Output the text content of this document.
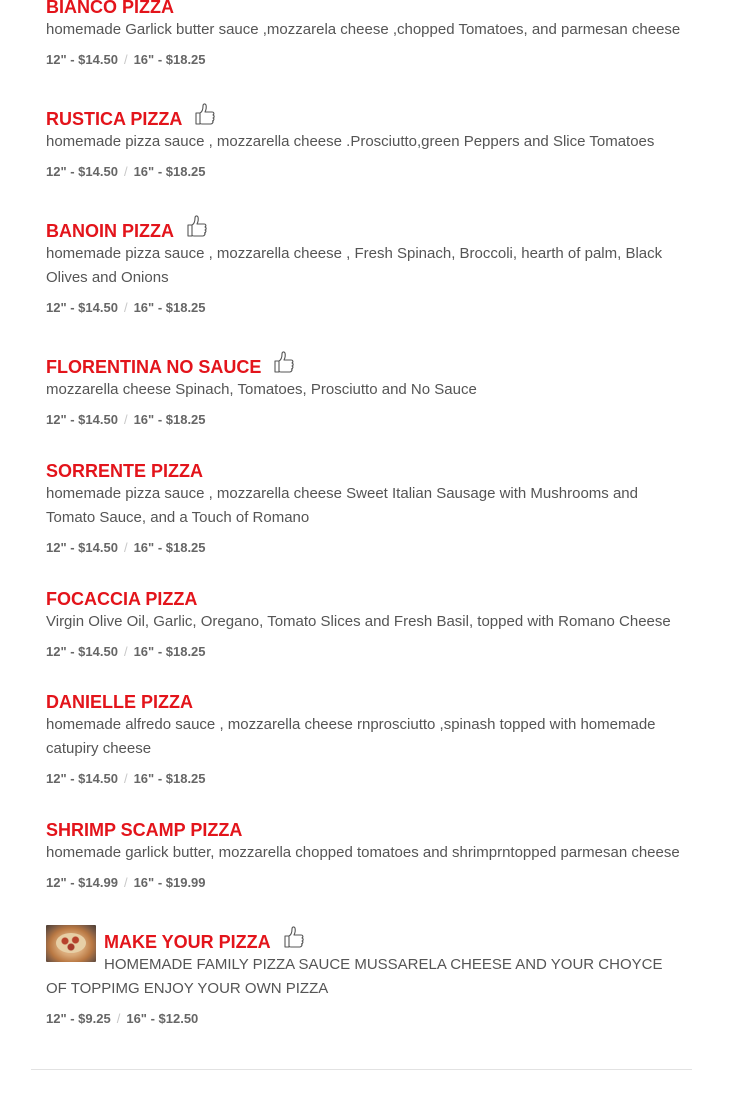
BIANCO PIZZA
homemade Garlick butter sauce ,mozzarela cheese ,chopped Tomatoes, and parmesan cheese
12" - $14.50 / 16" - $18.25
RUSTICA PIZZA
homemade pizza sauce , mozzarella cheese .Prosciutto,green Peppers and Slice Tomatoes
12" - $14.50 / 16" - $18.25
BANOIN PIZZA
homemade pizza sauce , mozzarella cheese , Fresh Spinach, Broccoli, hearth of palm, Black Olives and Onions
12" - $14.50 / 16" - $18.25
FLORENTINA NO SAUCE
mozzarella cheese Spinach, Tomatoes, Prosciutto and No Sauce
12" - $14.50 / 16" - $18.25
SORRENTE PIZZA
homemade pizza sauce , mozzarella cheese Sweet Italian Sausage with Mushrooms and Tomato Sauce, and a Touch of Romano
12" - $14.50 / 16" - $18.25
FOCACCIA PIZZA
Virgin Olive Oil, Garlic, Oregano, Tomato Slices and Fresh Basil, topped with Romano Cheese
12" - $14.50 / 16" - $18.25
DANIELLE PIZZA
homemade alfredo sauce , mozzarella cheese rnprosciutto ,spinash topped with homemade catupiry cheese
12" - $14.50 / 16" - $18.25
SHRIMP SCAMP PIZZA
homemade garlick butter, mozzarella chopped tomatoes and shrimprntopped parmesan cheese
12" - $14.99 / 16" - $19.99
MAKE YOUR PIZZA
HOMEMADE FAMILY PIZZA SAUCE MUSSARELA CHEESE AND YOUR CHOYCE OF TOPPIMG ENJOY YOUR OWN PIZZA
12" - $9.25 / 16" - $12.50
